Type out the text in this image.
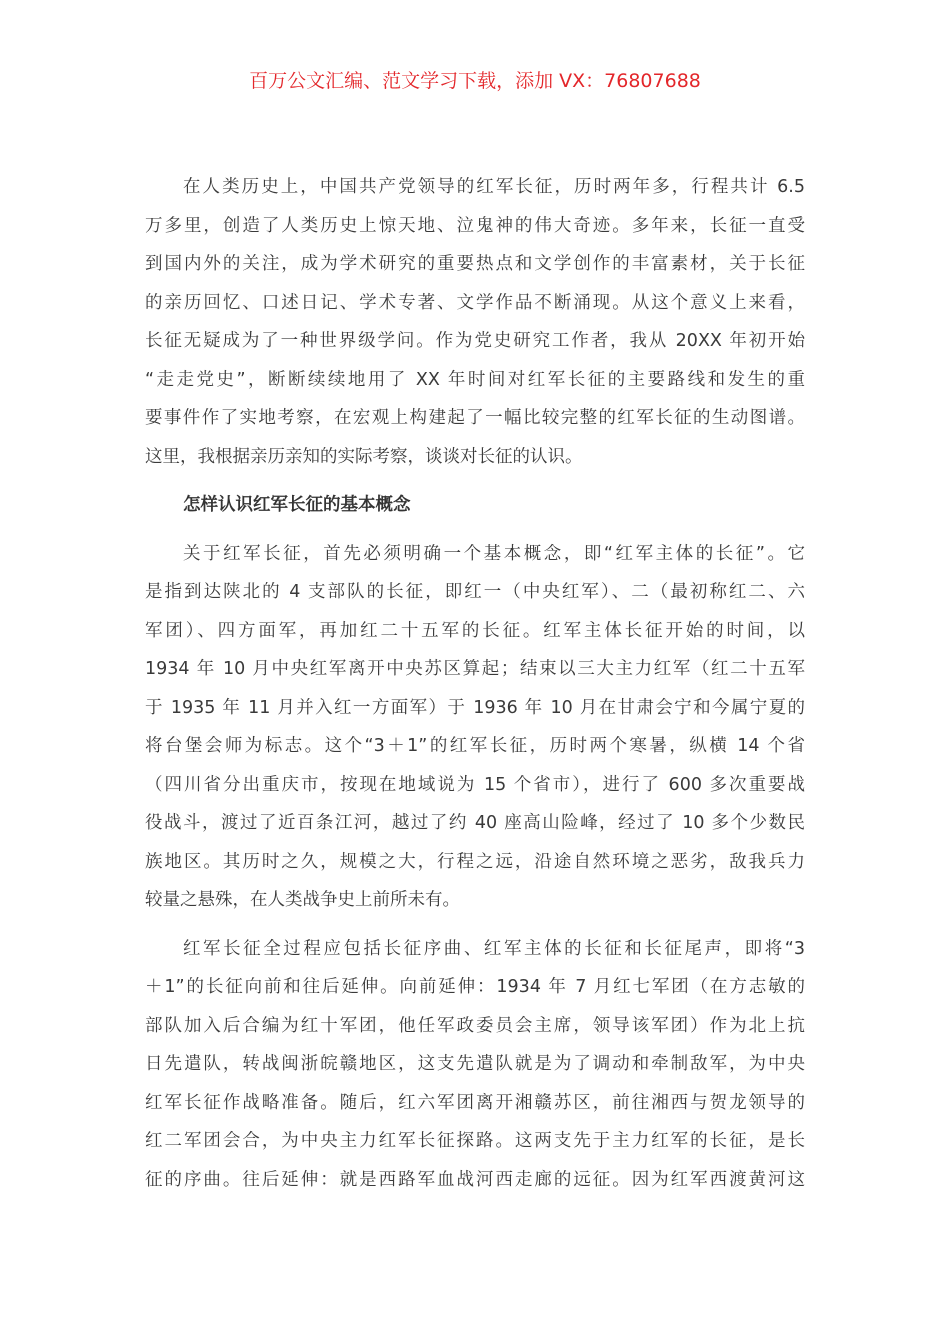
百万公文汇编、范文学习下载，添加 VX：76807688
在人类历史上，中国共产党领导的红军长征，历时两年多，行程共计 6.5
万多里，创造了人类历史上惊天地、泣鬼神的伟大奇迹。多年来，长征一直受
到国内外的关注，成为学术研究的重要热点和文学创作的丰富素材，关于长征
的亲历回忆、口述日记、学术专著、文学作品不断涌现。从这个意义上来看，
长征无疑成为了一种世界级学问。作为党史研究工作者，我从 20XX 年初开始
“走走党史”，断断续续地用了 XX 年时间对红军长征的主要路线和发生的重
要事件作了实地考察，在宏观上构建起了一幅比较完整的红军长征的生动图谱。
这里，我根据亲历亲知的实际考察，谈谈对长征的认识。
怎样认识红军长征的基本概念
关于红军长征，首先必须明确一个基本概念，即“红军主体的长征”。它
是指到达陕北的 4 支部队的长征，即红一（中央红军）、二（最初称红二、六
军团）、四方面军，再加红二十五军的长征。红军主体长征开始的时间，以
1934 年 10 月中央红军离开中央苏区算起；结束以三大主力红军（红二十五军
于 1935 年 11 月并入红一方面军）于 1936 年 10 月在甘肃会宁和今属宁夏的
将台堡会师为标志。这个“3＋1”的红军长征，历时两个寒暑，纵横 14 个省
（四川省分出重庆市，按现在地域说为 15 个省市），进行了 600 多次重要战
役战斗，渡过了近百条江河，越过了约 40 座高山险峰，经过了 10 多个少数民
族地区。其历时之久，规模之大，行程之远，沿途自然环境之恶劣，敌我兵力
较量之悬殊，在人类战争史上前所未有。
红军长征全过程应包括长征序曲、红军主体的长征和长征尾声，即将“3
＋1”的长征向前和往后延伸。向前延伸：1934 年 7 月红七军团（在方志敏的
部队加入后合编为红十军团，他任军政委员会主席，领导该军团）作为北上抗
日先遣队，转战闽浙皖赣地区，这支先遣队就是为了调动和牵制敌军，为中央
红军长征作战略准备。随后，红六军团离开湘赣苏区，前往湘西与贺龙领导的
红二军团会合，为中央主力红军长征探路。这两支先于主力红军的长征，是长
征的序曲。往后延伸：就是西路军血战河西走廊的远征。因为红军西渡黄河这
